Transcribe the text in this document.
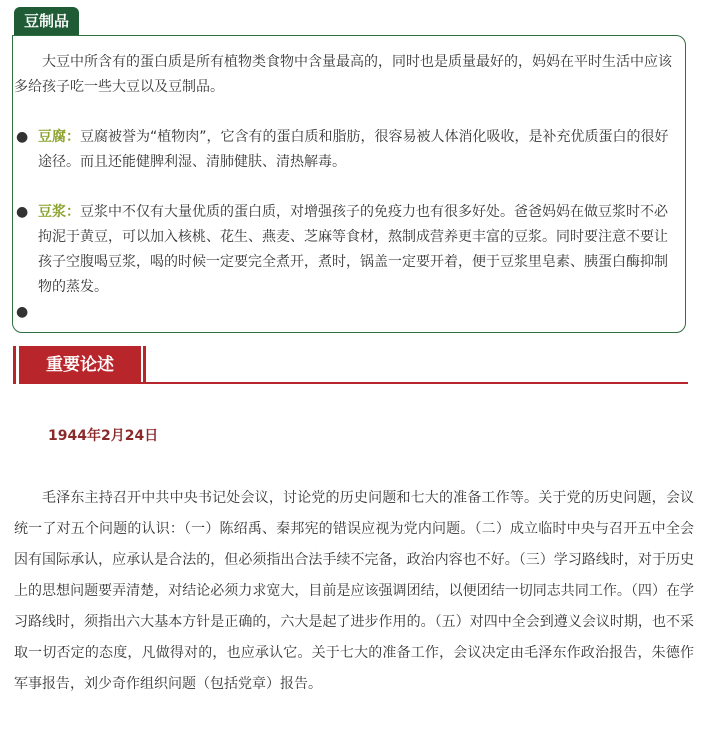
豆制品

大豆中所含有的蛋白质是所有植物类食物中含量最高的，同时也是质量最好的，妈妈在平时生活中应该多给孩子吃一些大豆以及豆制品。

● 豆腐：豆腐被誉为“植物肉”，它含有的蛋白质和脂肪，很容易被人体消化吸收，是补充优质蛋白的很好途径。而且还能健脾利湿、清肺健肤、清热解毒。

● 豆浆：豆浆中不仅有大量优质的蛋白质，对增强孩子的免疫力也有很多好处。爸爸妈妈在做豆浆时不必拘泥于黄豆，可以加入核桃、花生、燕麦、芝麻等食材，熬制成营养更丰富的豆浆。同时要注意不要让孩子空腹喝豆浆，喝的时候一定要完全煮开，煮时，锅盖一定要开着，便于豆浆里皂素、胰蛋白酶抑制物的蒸发。

●

重要论述
1944年2月24日

毛泽东主持召开中共中央书记处会议，讨论党的历史问题和七大的准备工作等。关于党的历史问题，会议统一了对五个问题的认识：（一）陈绍禹、秦邦宪的错误应视为党内问题。（二）成立临时中央与召开五中全会因有国际承认，应承认是合法的，但必须指出合法手续不完备，政治内容也不好。（三）学习路线时，对于历史上的思想问题要弄清楚，对结论必须力求宽大，目前是应该强调团结，以便团结一切同志共同工作。（四）在学习路线时，须指出六大基本方针是正确的，六大是起了进步作用的。（五）对四中全会到遵义会议时期，也不采取一切否定的态度，凡做得对的，也应承认它。关于七大的准备工作，会议决定由毛泽东作政治报告，朱德作军事报告，刘少奇作组织问题（包括党章）报告。
